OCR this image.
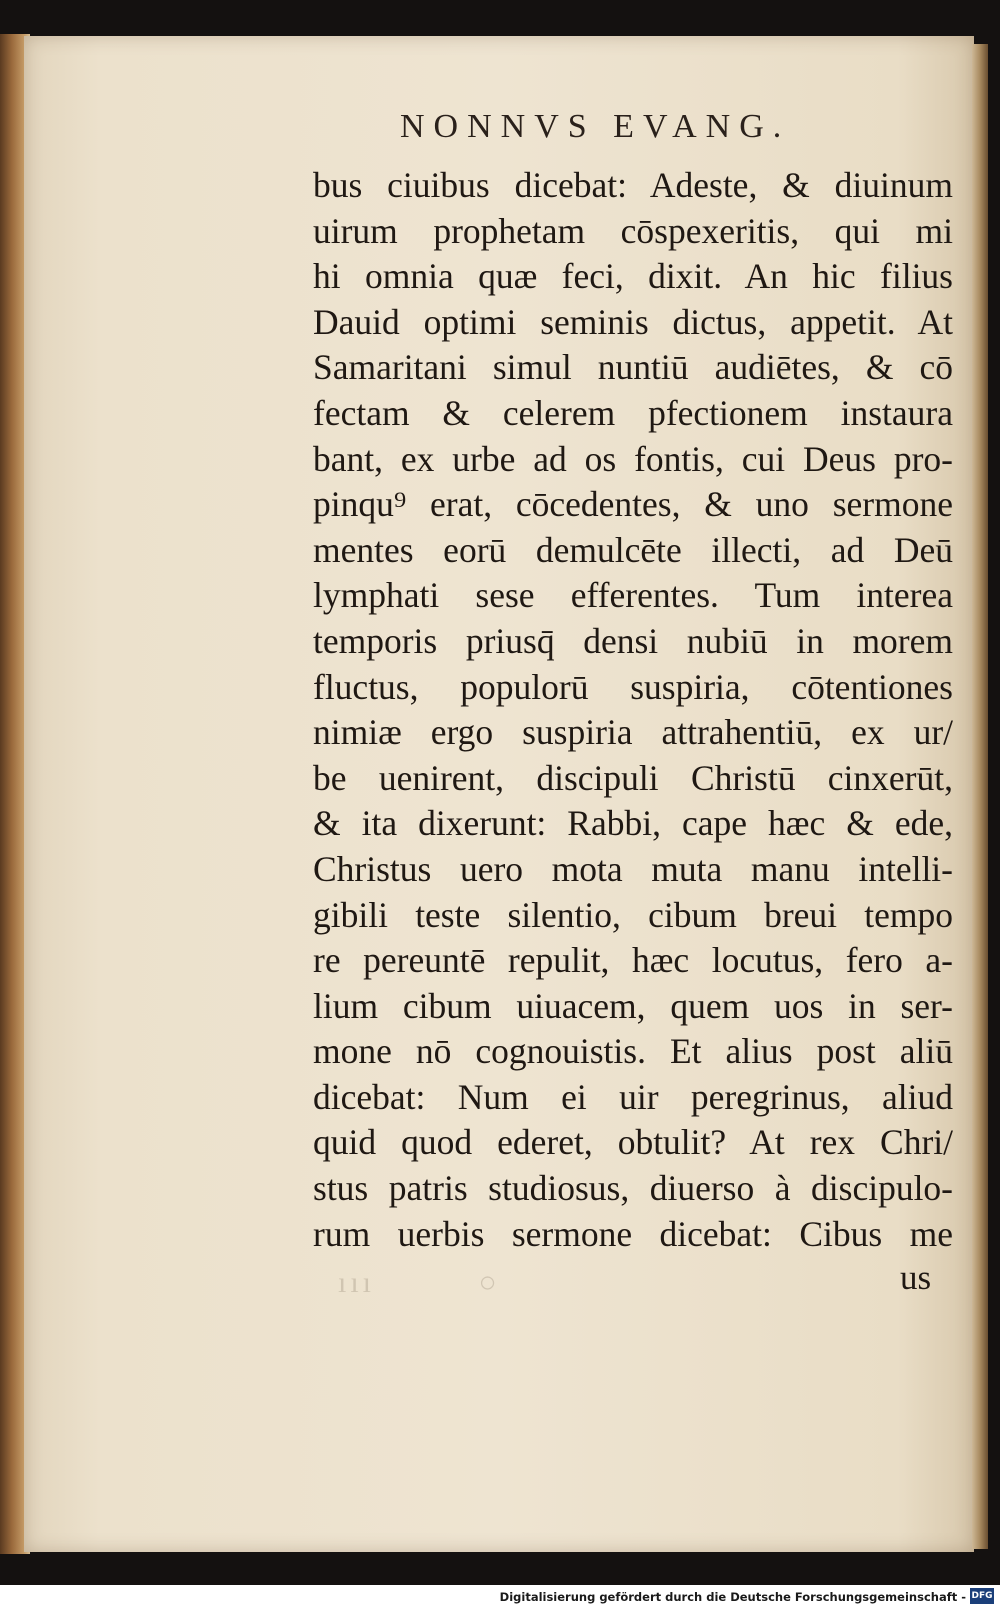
NONNVS EVANG.
bus ciuibus dicebat: Adeste, & diuinum
uirum prophetam cōspexeritis, qui mi
hi omnia quæ feci, dixit. An hic filius
Dauid optimi seminis dictus, appetit. At
Samaritani simul nuntiū audiētes, & cō
fectam & celerem pfectionem instaura
bant, ex urbe ad os fontis, cui Deus pro-
pinqu⁹ erat, cōcedentes, & uno sermone
mentes eorū demulcēte illecti, ad Deū
lymphati sese efferentes. Tum interea
temporis priusq̄ densi nubiū in morem
fluctus, populorū suspiria, cōtentiones
nimiæ ergo suspiria attrahentiū, ex ur/
be uenirent, discipuli Christū cinxerūt,
& ita dixerunt: Rabbi, cape hæc & ede,
Christus uero mota muta manu intelli-
gibili teste silentio, cibum breui tempo
re pereuntē repulit, hæc locutus, fero a-
lium cibum uiuacem, quem uos in ser-
mone nō cognouistis. Et alius post aliū
dicebat: Num ei uir peregrinus, aliud
quid quod ederet, obtulit? At rex Chri/
stus patris studiosus, diuerso à discipulo-
rum uerbis sermone dicebat: Cibus me
ııı         ○	us
Digitalisierung gefördert durch die Deutsche Forschungsgemeinschaft - DFG
